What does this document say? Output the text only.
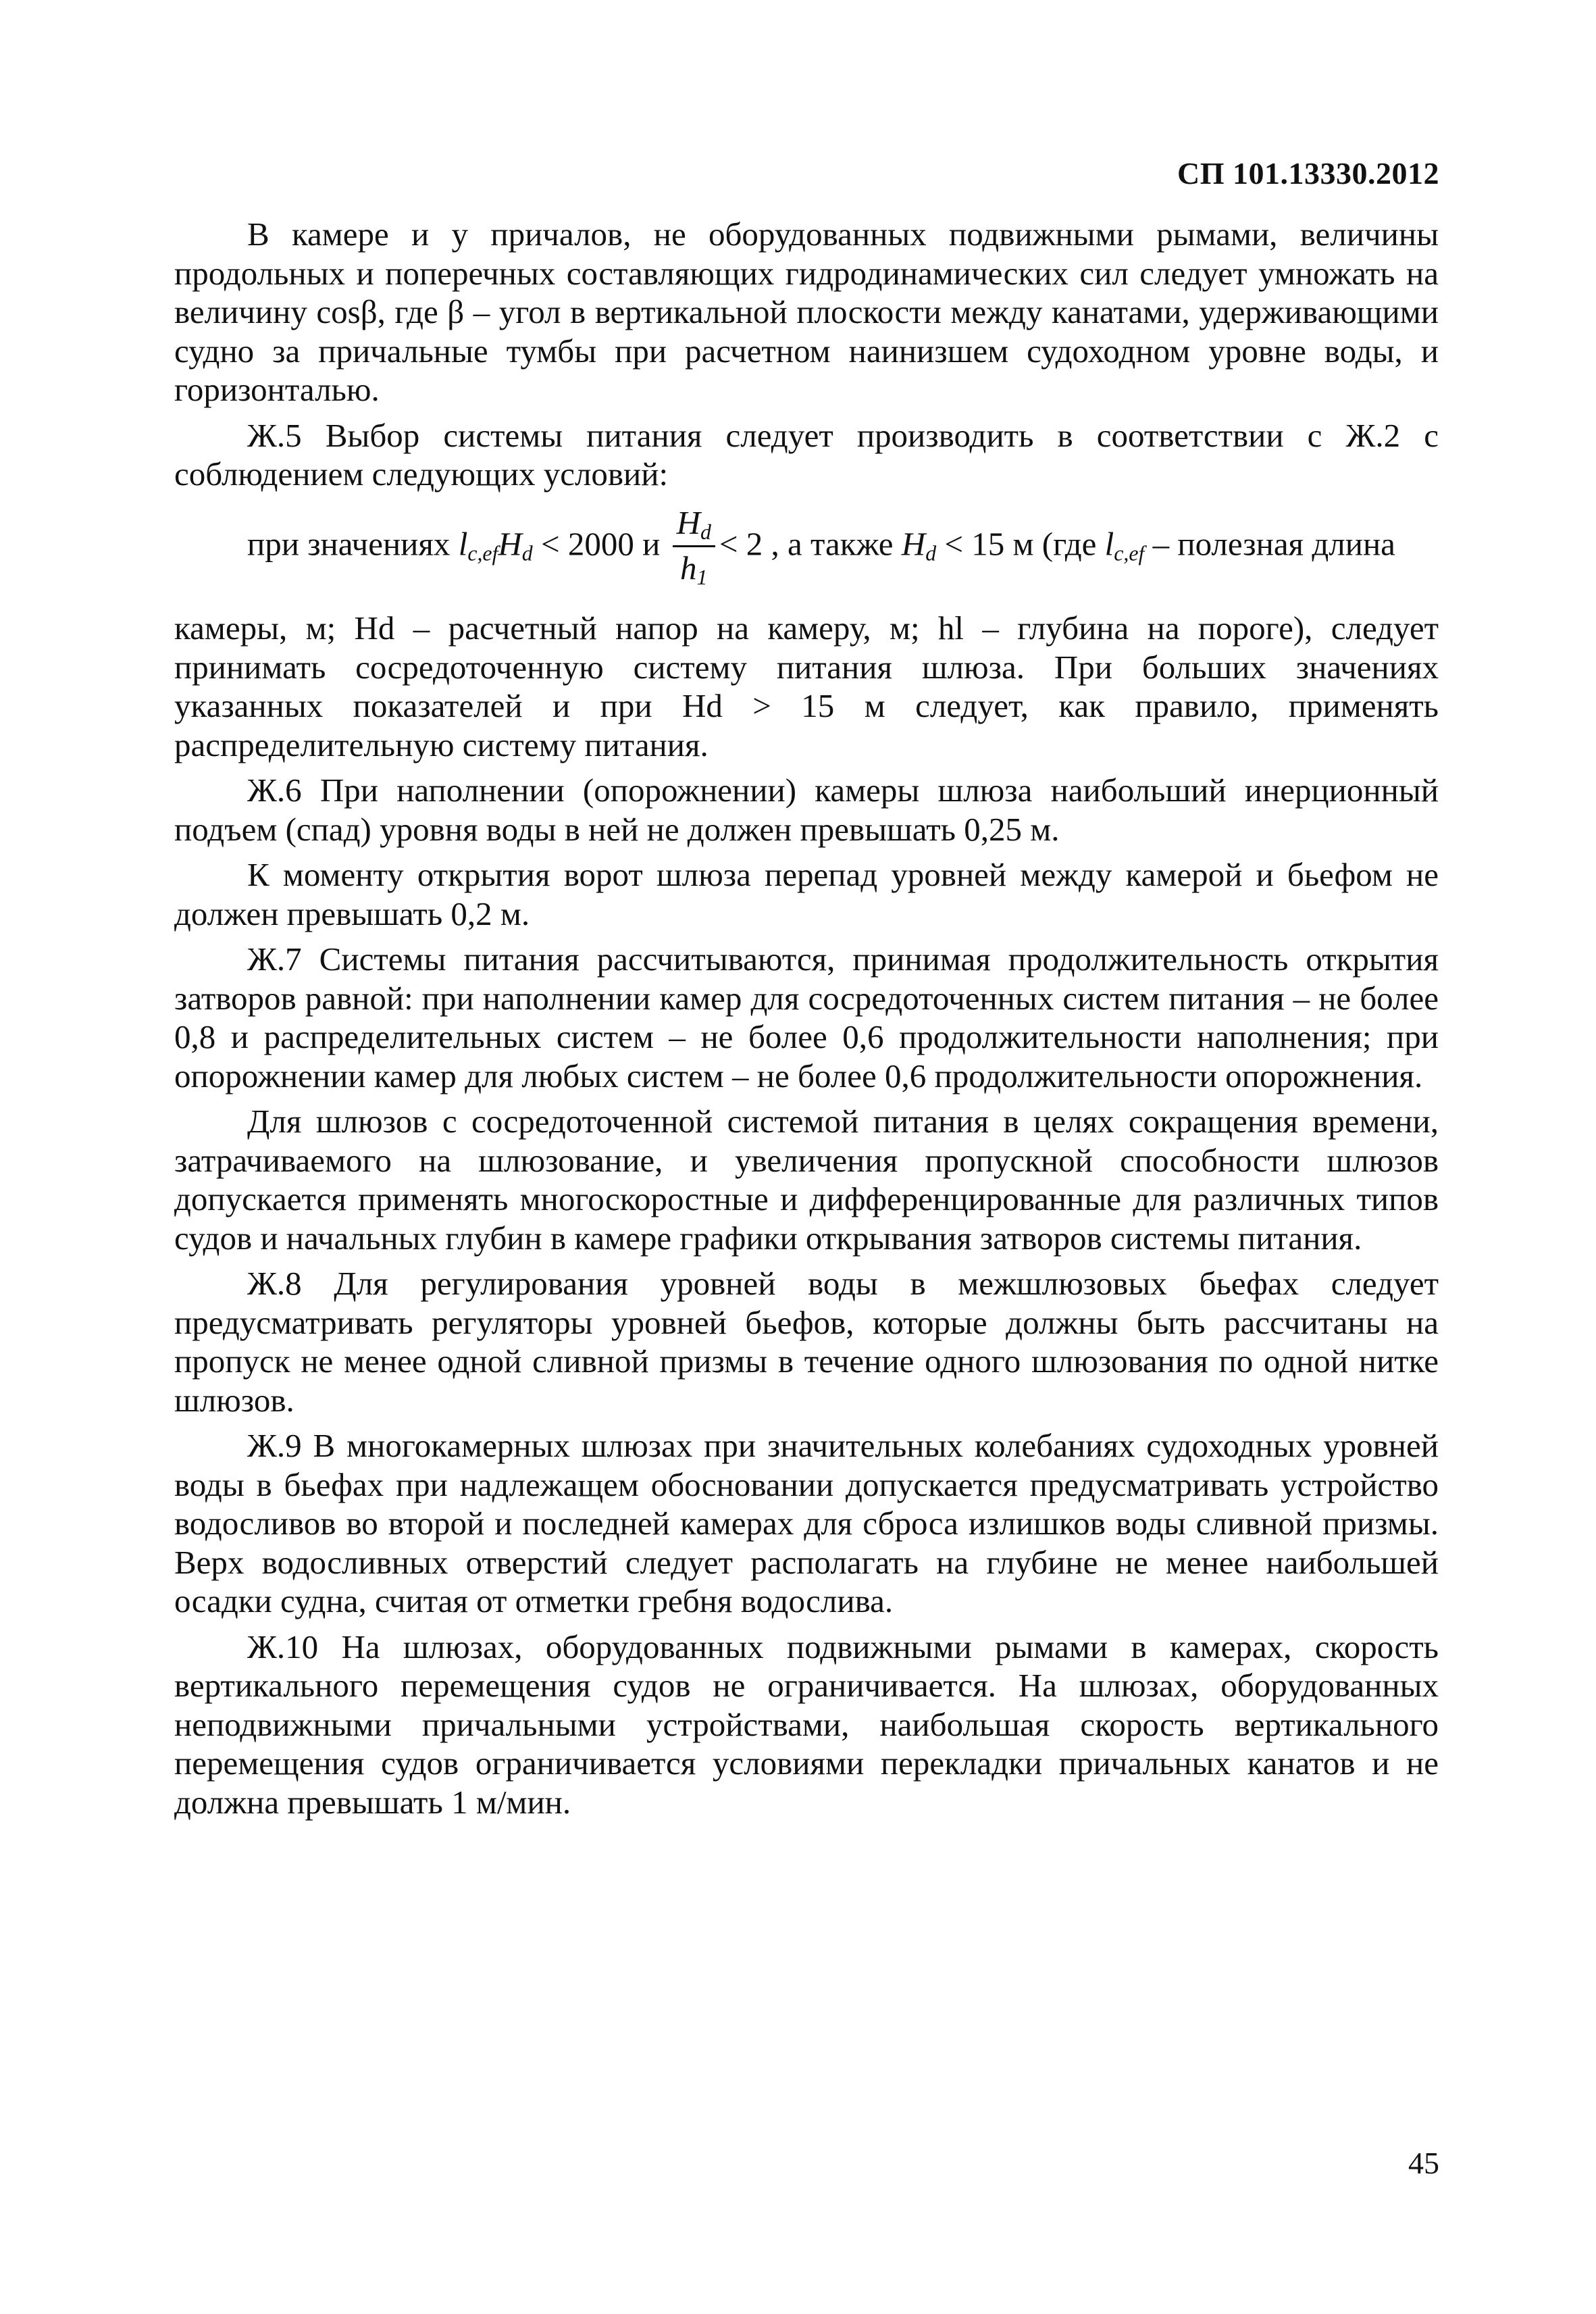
СП 101.13330.2012

В камере и у причалов, не оборудованных подвижными рымами, величины продольных и поперечных составляющих гидродинамических сил следует умножать на величину cosβ, где β – угол в вертикальной плоскости между канатами, удерживающими судно за причальные тумбы при расчетном наинизшем судоходном уровне воды, и горизонталью.

Ж.5 Выбор системы питания следует производить в соответствии с Ж.2 с соблюдением следующих условий:

при значениях $l_{c,ef}H_d < 2000$ и $\frac{H_d}{h_1} < 2$ , а также $H_d < 15$ м (где $l_{c,ef}$ – полезная длина

камеры, м; Hd – расчетный напор на камеру, м; hl – глубина на пороге), следует принимать сосредоточенную систему питания шлюза. При больших значениях указанных показателей и при Hd > 15 м следует, как правило, применять распределительную систему питания.

Ж.6 При наполнении (опорожнении) камеры шлюза наибольший инерционный подъем (спад) уровня воды в ней не должен превышать 0,25 м.

К моменту открытия ворот шлюза перепад уровней между камерой и бьефом не должен превышать 0,2 м.

Ж.7 Системы питания рассчитываются, принимая продолжительность открытия затворов равной: при наполнении камер для сосредоточенных систем питания – не более 0,8 и распределительных систем – не более 0,6 продолжительности наполнения; при опорожнении камер для любых систем – не более 0,6 продолжительности опорожнения.

Для шлюзов с сосредоточенной системой питания в целях сокращения времени, затрачиваемого на шлюзование, и увеличения пропускной способности шлюзов допускается применять многоскоростные и дифференцированные для различных типов судов и начальных глубин в камере графики открывания затворов системы питания.

Ж.8 Для регулирования уровней воды в межшлюзовых бьефах следует предусматривать регуляторы уровней бьефов, которые должны быть рассчитаны на пропуск не менее одной сливной призмы в течение одного шлюзования по одной нитке шлюзов.

Ж.9 В многокамерных шлюзах при значительных колебаниях судоходных уровней воды в бьефах при надлежащем обосновании допускается предусматривать устройство водосливов во второй и последней камерах для сброса излишков воды сливной призмы. Верх водосливных отверстий следует располагать на глубине не менее наибольшей осадки судна, считая от отметки гребня водослива.

Ж.10 На шлюзах, оборудованных подвижными рымами в камерах, скорость вертикального перемещения судов не ограничивается. На шлюзах, оборудованных неподвижными причальными устройствами, наибольшая скорость вертикального перемещения судов ограничивается условиями перекладки причальных канатов и не должна превышать 1 м/мин.

45
